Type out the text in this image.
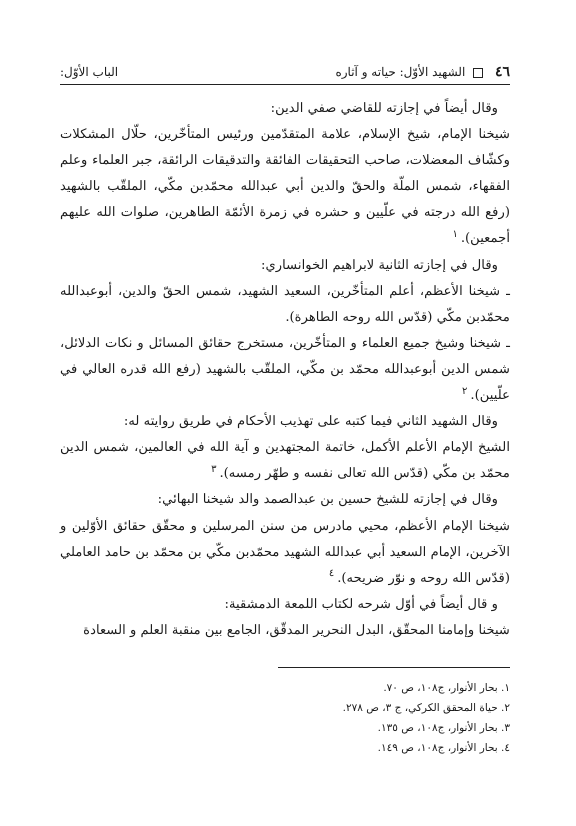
٤٦  الشهيد الأوّل: حياته و آثاره
الباب الأوّل:

وقال أيضاً في إجازته للقاضي صفي الدين:

شيخنا الإمام، شيخ الإسلام، علامة المتقدّمين ورئيس المتأخّرين، حلّال المشكلات وكشّاف المعضلات، صاحب التحقيقات الفائقة والتدقيقات الرائقة، جبر العلماء وعلم الفقهاء، شمس الملّة والحقّ والدين أبي عبدالله محمّدبن مكّي، الملقّب بالشهيد (رفع الله درجته في علّيين و حشره في زمرة الأئمّة الطاهرين، صلوات الله عليهم أجمعين).$^١$

وقال في إجازته الثانية لابراهيم الخوانساري:

ـ شيخنا الأعظم، أعلم المتأخّرين، السعيد الشهيد، شمس الحقّ والدين، أبوعبدالله محمّدبن مكّي (قدّس الله روحه الطاهرة).

ـ شيخنا وشيخ جميع العلماء و المتأخّرين، مستخرج حقائق المسائل و نكات الدلائل، شمس الدين أبوعبدالله محمّد بن مكّي، الملقّب بالشهيد (رفع الله قدره العالي في علّيين).$^٢$

وقال الشهيد الثاني فيما كتبه على تهذيب الأحكام في طريق روايته له:

الشيخ الإمام الأعلم الأكمل، خاتمة المجتهدين و آية الله في العالمين، شمس الدين محمّد بن مكّي (قدّس الله تعالى نفسه و طهّر رمسه).$^٣$

وقال في إجازته للشيخ حسين بن عبدالصمد والد شيخنا البهائي:

شيخنا الإمام الأعظم، محيي مادرس من سنن المرسلين و محقّق حقائق الأوّلين و الآخرين، الإمام السعيد أبي عبدالله الشهيد محمّدبن مكّي بن محمّد بن حامد العاملي (قدّس الله روحه و نوّر ضريحه).$^٤$

و قال أيضاً في أوّل شرحه لكتاب اللمعة الدمشقية:

شيخنا وإمامنا المحقّق، البدل النحرير المدقّق، الجامع بين منقبة العلم و السعادة

١. بحار الأنوار، ج١٠٨، ص ٧٠.
٢. حياة المحقق الكركي، ج ٣، ص ٢٧٨.
٣. بحار الأنوار، ج١٠٨، ص ١٣٥.
٤. بحار الأنوار، ج١٠٨، ص ١٤٩.
